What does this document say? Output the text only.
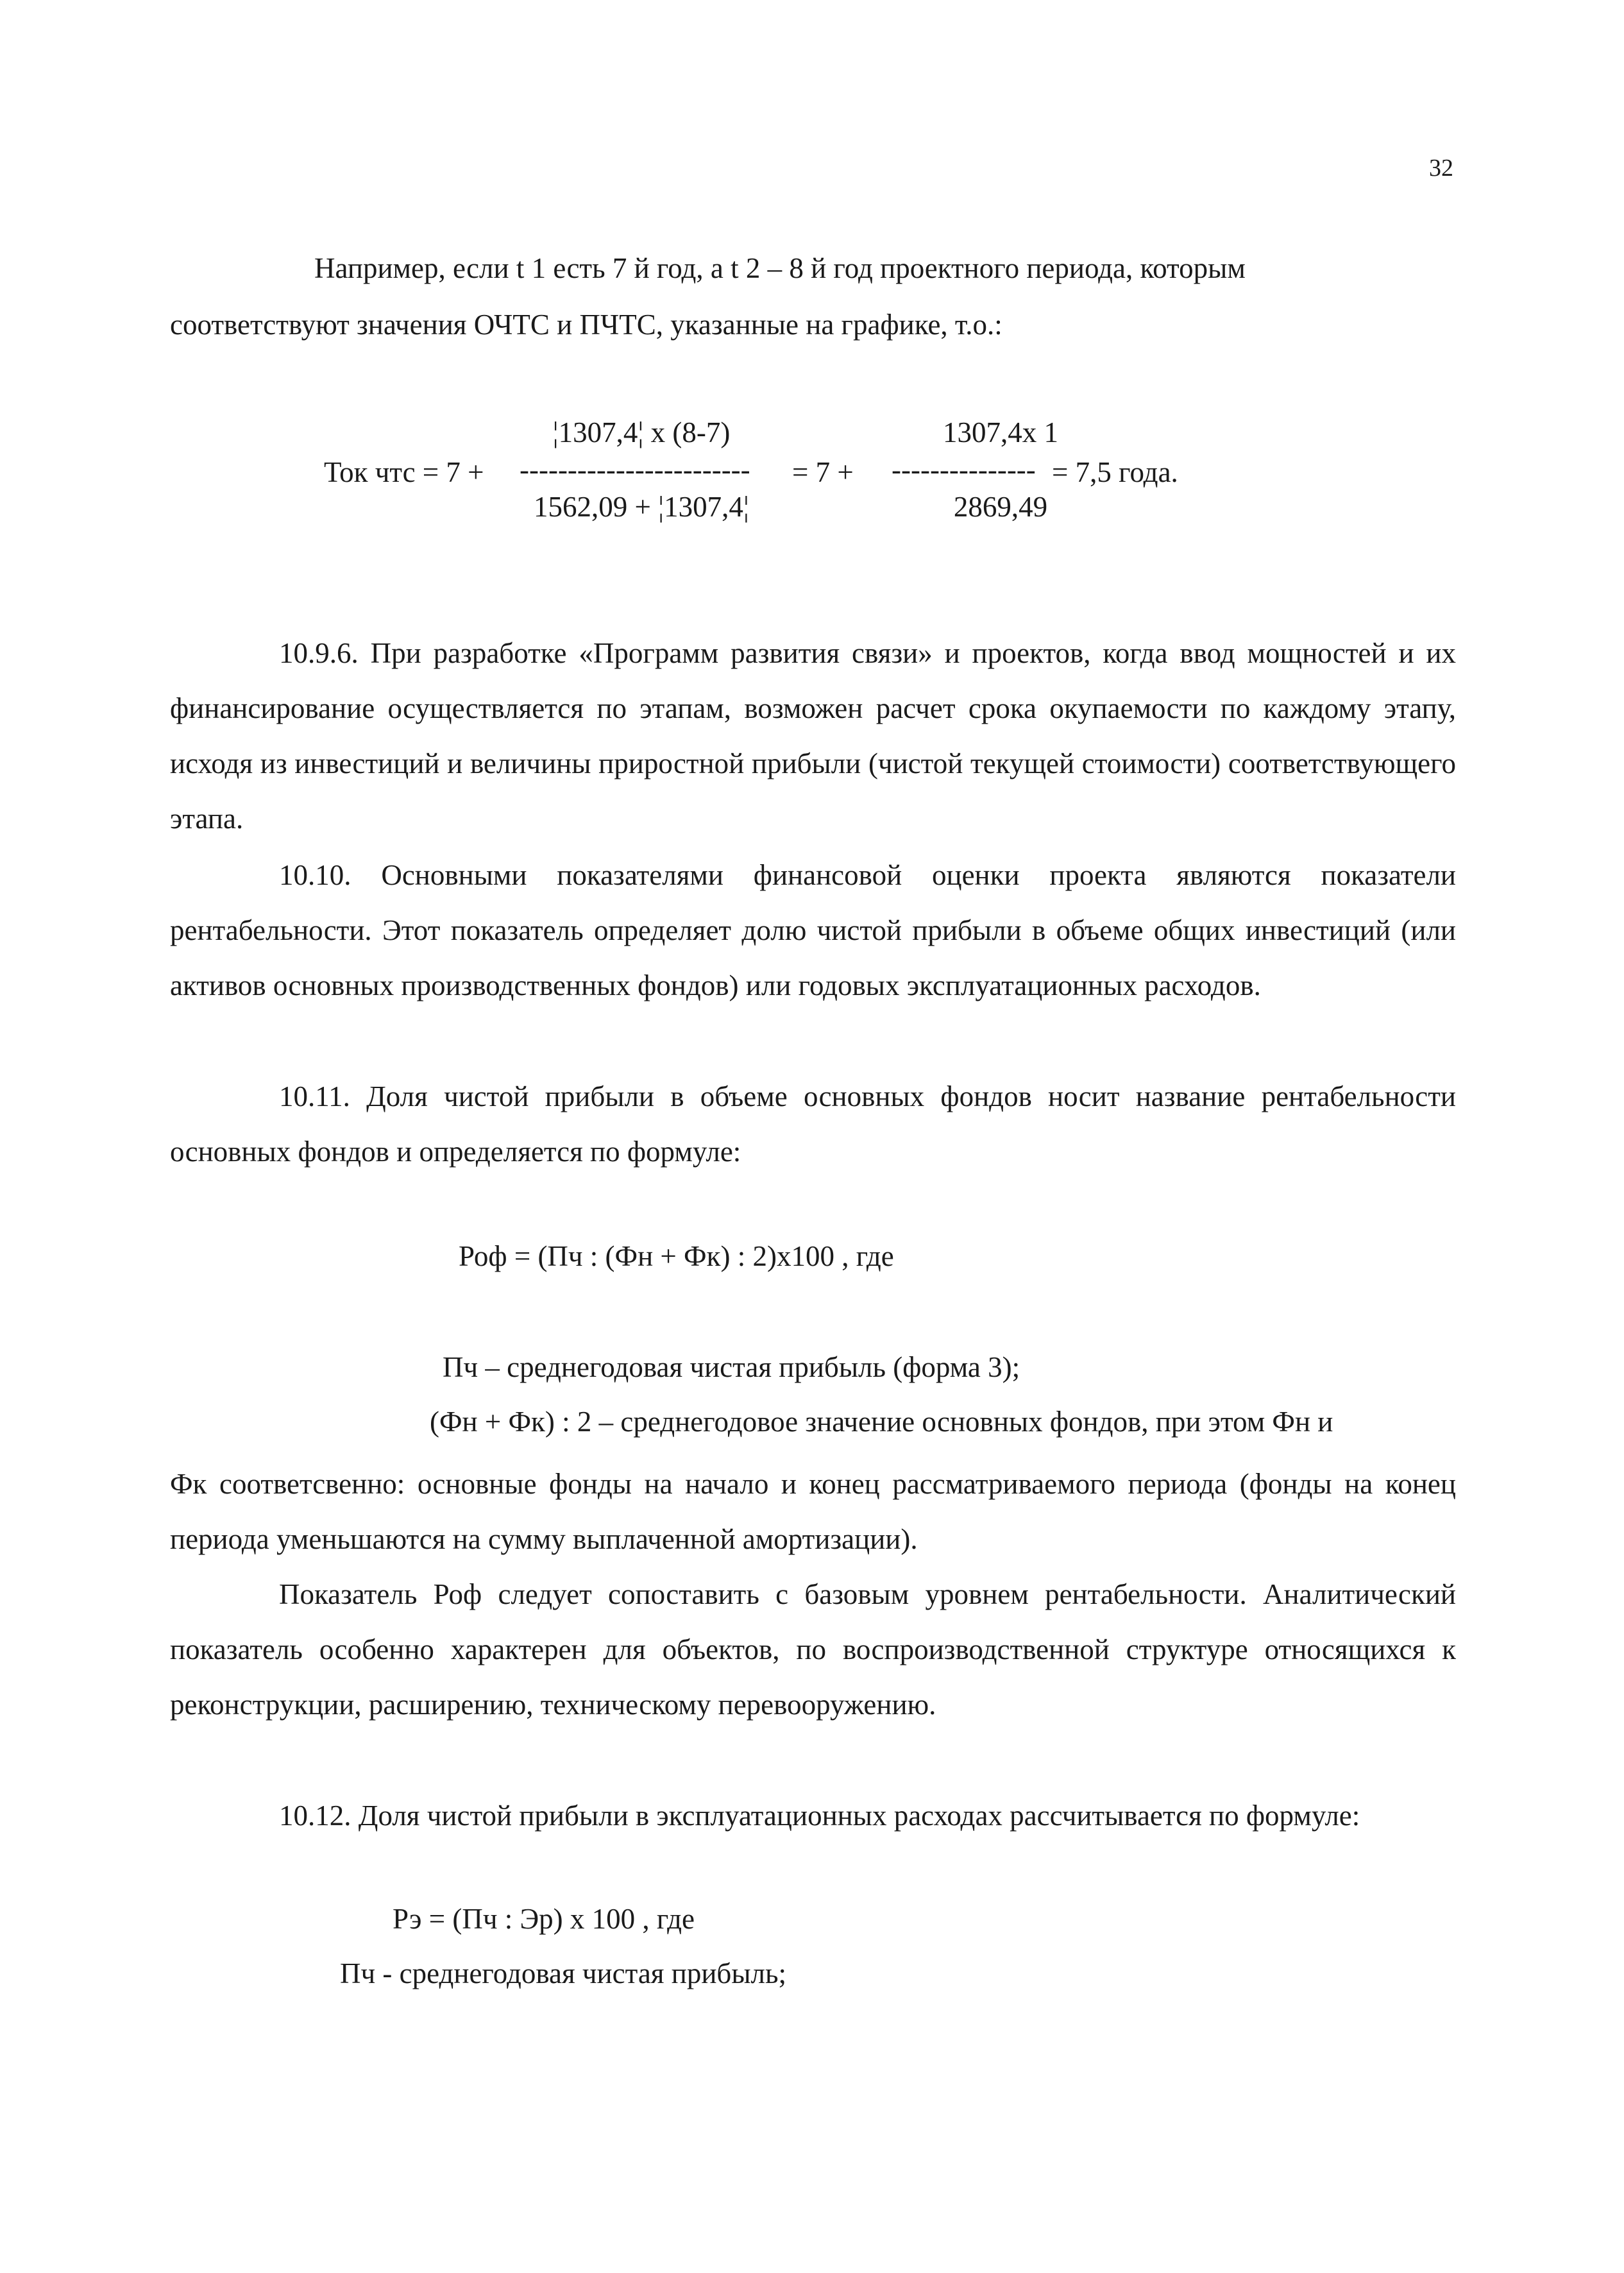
32
Например, если t 1 есть 7 й год, а t 2 – 8 й год проектного периода, которым
соответствуют значения ОЧТС и ПЧТС, указанные на графике, т.о.:
Ток чтс = 7 +
¦1307,4¦ x (8-7)
------------------------
1562,09 + ¦1307,4¦
= 7 +
1307,4x 1
---------------
2869,49
= 7,5 года.
10.9.6. При разработке «Программ развития связи» и проектов, когда ввод мощностей и их финансирование осуществляется по этапам, возможен расчет срока окупаемости по каждому этапу, исходя из инвестиций и величины приростной прибыли (чистой текущей стоимости) соответствующего этапа.
10.10. Основными показателями финансовой оценки проекта являются показатели рентабельности. Этот показатель определяет долю чистой прибыли в объеме общих инвестиций (или активов основных производственных фондов) или годовых эксплуатационных расходов.
10.11. Доля чистой прибыли в объеме основных фондов носит название рентабельности основных фондов и определяется по формуле:
Роф = (Пч : (Фн + Фк) : 2)х100 , где
Пч – среднегодовая чистая прибыль (форма 3);
(Фн + Фк) : 2 – среднегодовое значение основных фондов, при этом Фн и
Фк соответсвенно: основные фонды на начало и конец рассматриваемого периода (фонды на конец периода уменьшаются на сумму выплаченной амортизации).
Показатель Роф следует сопоставить с базовым уровнем рентабельности. Аналитический показатель особенно характерен для объектов, по воспроизводственной структуре относящихся к реконструкции, расширению, техническому перевооружению.
10.12. Доля чистой прибыли в эксплуатационных расходах рассчитывается по формуле:
Рэ = (Пч : Эр) x 100 , где
Пч - среднегодовая чистая прибыль;
